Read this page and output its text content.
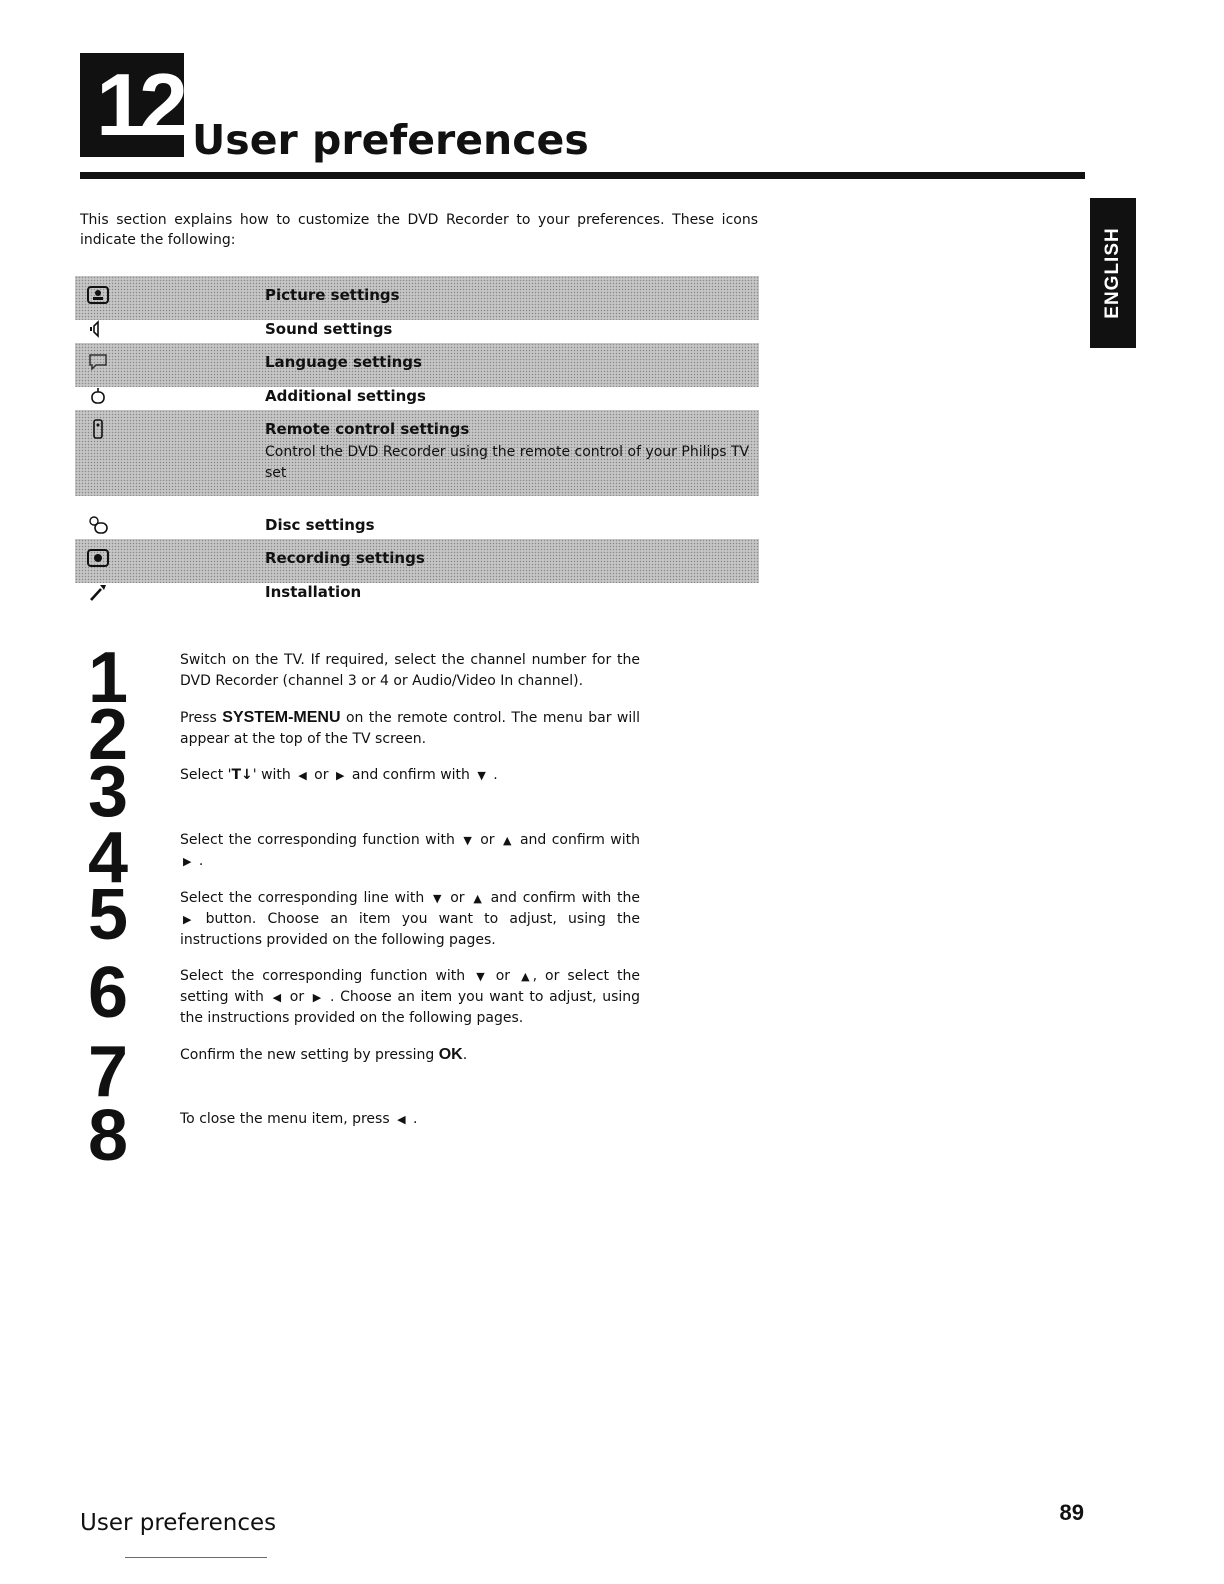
12 User preferences
ENGLISH
This section explains how to customize the DVD Recorder to your preferences. These icons indicate the following:
Picture settings
Sound settings
Language settings
Additional settings
Remote control settings
Control the DVD Recorder using the remote control of your Philips TV set
Disc settings
Recording settings
Installation
1	Switch on the TV. If required, select the channel number for the DVD Recorder (channel 3 or 4 or Audio/Video In channel).
2	Press SYSTEM-MENU on the remote control. The menu bar will appear at the top of the TV screen.
3	Select 'T↓' with ◀ or ▶ and confirm with ▼ .
4	Select the corresponding function with ▼ or ▲ and confirm with ▶ .
5	Select the corresponding line with ▼ or ▲ and confirm with the ▶ button. Choose an item you want to adjust, using the instructions provided on the following pages.
6	Select the corresponding function with ▼ or ▲ , or select the setting with ◀ or ▶ . Choose an item you want to adjust, using the instructions provided on the following pages.
7	Confirm the new setting by pressing OK.
8	To close the menu item, press ◀ .
User preferences	89
